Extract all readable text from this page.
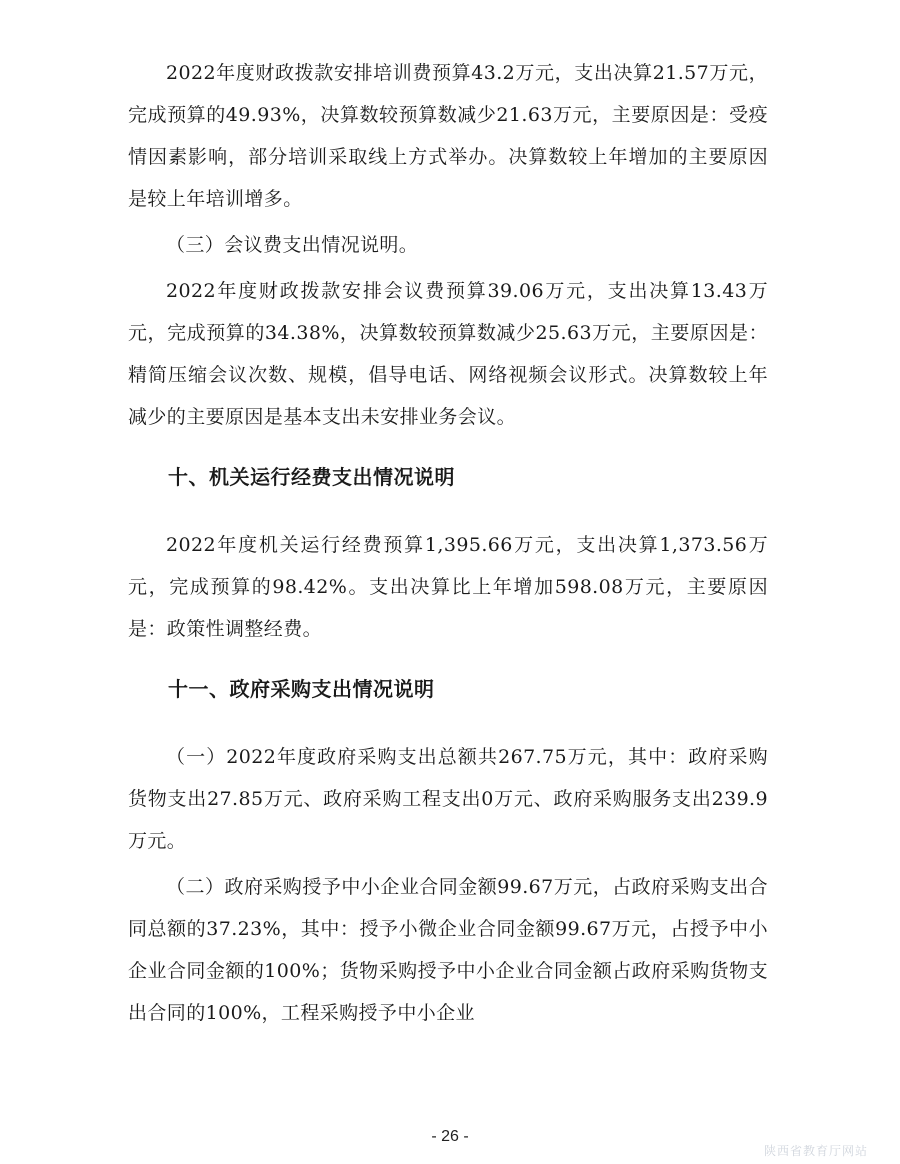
2022年度财政拨款安排培训费预算43.2万元，支出决算21.57万元，完成预算的49.93%，决算数较预算数减少21.63万元，主要原因是：受疫情因素影响，部分培训采取线上方式举办。决算数较上年增加的主要原因是较上年培训增多。

（三）会议费支出情况说明。

2022年度财政拨款安排会议费预算39.06万元，支出决算13.43万元，完成预算的34.38%，决算数较预算数减少25.63万元，主要原因是：精简压缩会议次数、规模，倡导电话、网络视频会议形式。决算数较上年减少的主要原因是基本支出未安排业务会议。

十、机关运行经费支出情况说明

2022年度机关运行经费预算1,395.66万元，支出决算1,373.56万元，完成预算的98.42%。支出决算比上年增加598.08万元，主要原因是：政策性调整经费。

十一、政府采购支出情况说明

（一）2022年度政府采购支出总额共267.75万元，其中：政府采购货物支出27.85万元、政府采购工程支出0万元、政府采购服务支出239.9万元。

（二）政府采购授予中小企业合同金额99.67万元，占政府采购支出合同总额的37.23%，其中：授予小微企业合同金额99.67万元，占授予中小企业合同金额的100%；货物采购授予中小企业合同金额占政府采购货物支出合同的100%，工程采购授予中小企业

- 26 -
陕西省教育厅网站
